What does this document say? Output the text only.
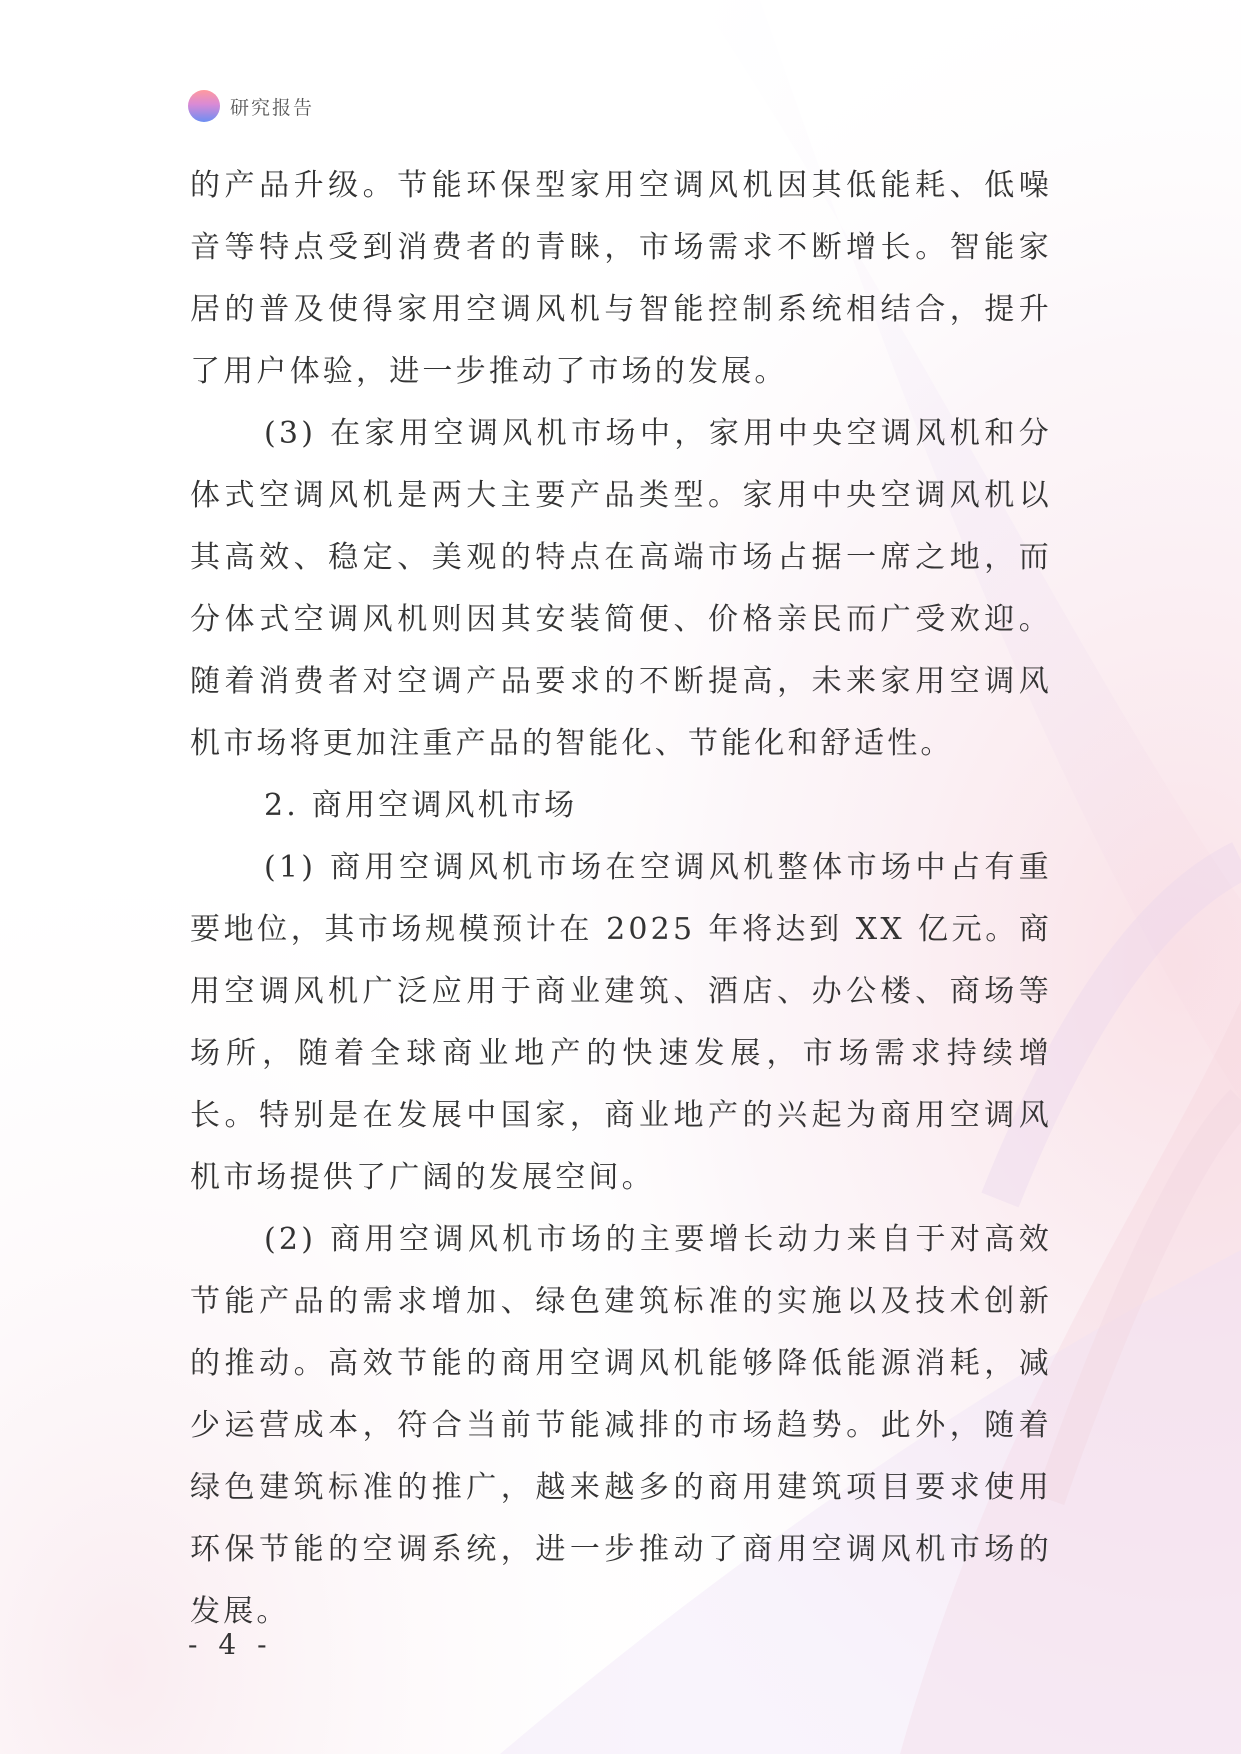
研究报告

的产品升级。节能环保型家用空调风机因其低能耗、低噪音等特点受到消费者的青睐，市场需求不断增长。智能家居的普及使得家用空调风机与智能控制系统相结合，提升了用户体验，进一步推动了市场的发展。

(3) 在家用空调风机市场中，家用中央空调风机和分体式空调风机是两大主要产品类型。家用中央空调风机以其高效、稳定、美观的特点在高端市场占据一席之地，而分体式空调风机则因其安装简便、价格亲民而广受欢迎。随着消费者对空调产品要求的不断提高，未来家用空调风机市场将更加注重产品的智能化、节能化和舒适性。

2. 商用空调风机市场

(1) 商用空调风机市场在空调风机整体市场中占有重要地位，其市场规模预计在 2025 年将达到 XX 亿元。商用空调风机广泛应用于商业建筑、酒店、办公楼、商场等场所，随着全球商业地产的快速发展，市场需求持续增长。特别是在发展中国家，商业地产的兴起为商用空调风机市场提供了广阔的发展空间。

(2) 商用空调风机市场的主要增长动力来自于对高效节能产品的需求增加、绿色建筑标准的实施以及技术创新的推动。高效节能的商用空调风机能够降低能源消耗，减少运营成本，符合当前节能减排的市场趋势。此外，随着绿色建筑标准的推广，越来越多的商用建筑项目要求使用环保节能的空调系统，进一步推动了商用空调风机市场的发展。

- 4 -
